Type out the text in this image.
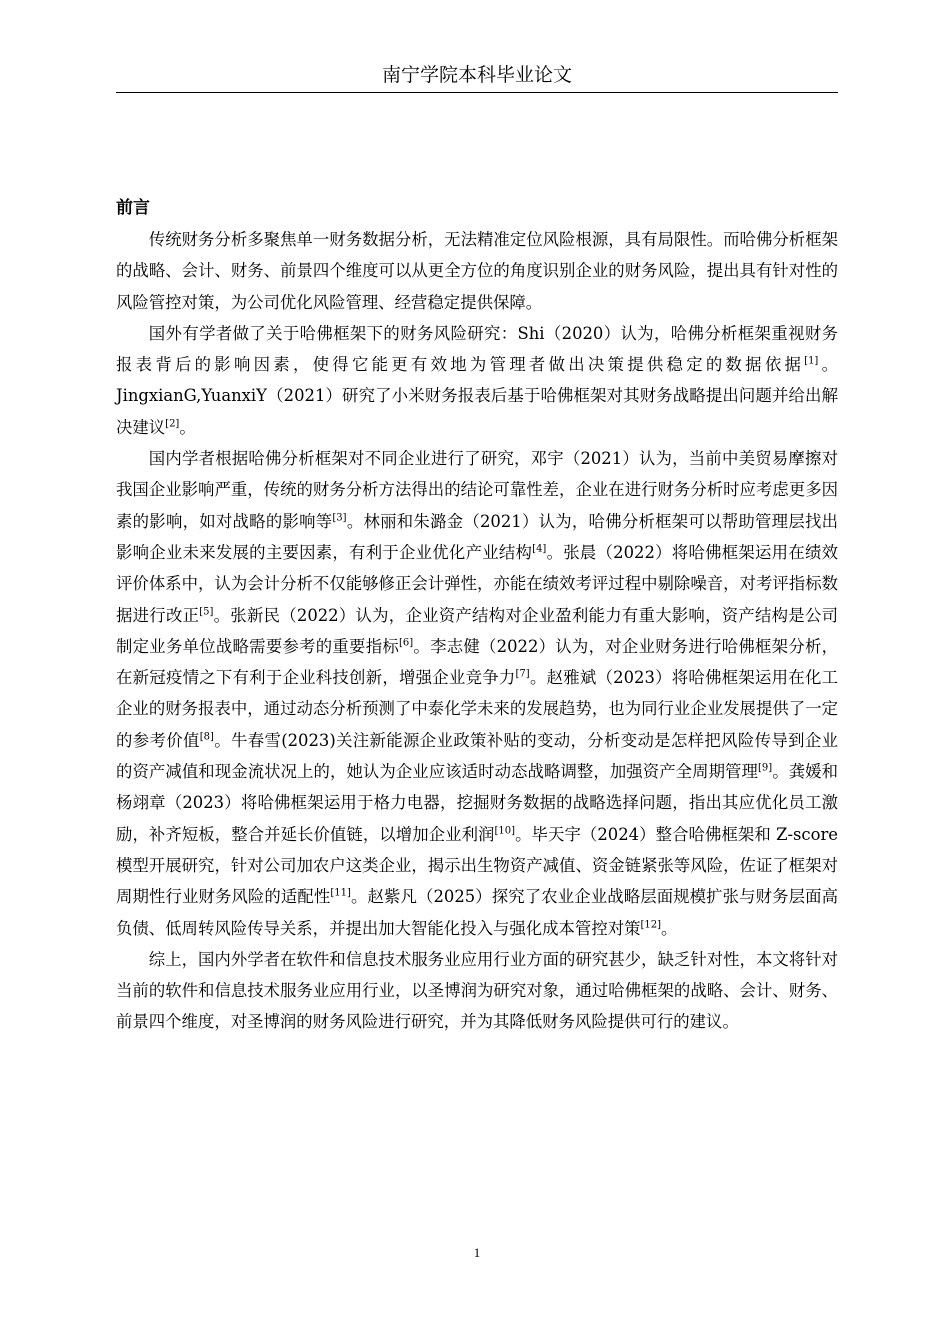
南宁学院本科毕业论文
前言

传统财务分析多聚焦单一财务数据分析，无法精准定位风险根源，具有局限性。而哈佛分析框架的战略、会计、财务、前景四个维度可以从更全方位的角度识别企业的财务风险，提出具有针对性的风险管控对策，为公司优化风险管理、经营稳定提供保障。

国外有学者做了关于哈佛框架下的财务风险研究：Shi（2020）认为，哈佛分析框架重视财务报表背后的影响因素，使得它能更有效地为管理者做出决策提供稳定的数据依据[1]。JingxianG,YuanxiY（2021）研究了小米财务报表后基于哈佛框架对其财务战略提出问题并给出解决建议[2]。

国内学者根据哈佛分析框架对不同企业进行了研究，邓宇（2021）认为，当前中美贸易摩擦对我国企业影响严重，传统的财务分析方法得出的结论可靠性差，企业在进行财务分析时应考虑更多因素的影响，如对战略的影响等[3]。林丽和朱潞金（2021）认为，哈佛分析框架可以帮助管理层找出影响企业未来发展的主要因素，有利于企业优化产业结构[4]。张晨（2022）将哈佛框架运用在绩效评价体系中，认为会计分析不仅能够修正会计弹性，亦能在绩效考评过程中剔除噪音，对考评指标数据进行改正[5]。张新民（2022）认为，企业资产结构对企业盈利能力有重大影响，资产结构是公司制定业务单位战略需要参考的重要指标[6]。李志健（2022）认为，对企业财务进行哈佛框架分析，在新冠疫情之下有利于企业科技创新，增强企业竞争力[7]。赵雅斌（2023）将哈佛框架运用在化工企业的财务报表中，通过动态分析预测了中泰化学未来的发展趋势，也为同行业企业发展提供了一定的参考价值[8]。牛春雪(2023)关注新能源企业政策补贴的变动，分析变动是怎样把风险传导到企业的资产减值和现金流状况上的，她认为企业应该适时动态战略调整，加强资产全周期管理[9]。龚媛和杨翊章（2023）将哈佛框架运用于格力电器，挖掘财务数据的战略选择问题，指出其应优化员工激励，补齐短板，整合并延长价值链，以增加企业利润[10]。毕天宇（2024）整合哈佛框架和 Z-score 模型开展研究，针对公司加农户这类企业，揭示出生物资产减值、资金链紧张等风险，佐证了框架对周期性行业财务风险的适配性[11]。赵紫凡（2025）探究了农业企业战略层面规模扩张与财务层面高负债、低周转风险传导关系，并提出加大智能化投入与强化成本管控对策[12]。

综上，国内外学者在软件和信息技术服务业应用行业方面的研究甚少，缺乏针对性，本文将针对当前的软件和信息技术服务业应用行业，以圣博润为研究对象，通过哈佛框架的战略、会计、财务、前景四个维度，对圣博润的财务风险进行研究，并为其降低财务风险提供可行的建议。

1
